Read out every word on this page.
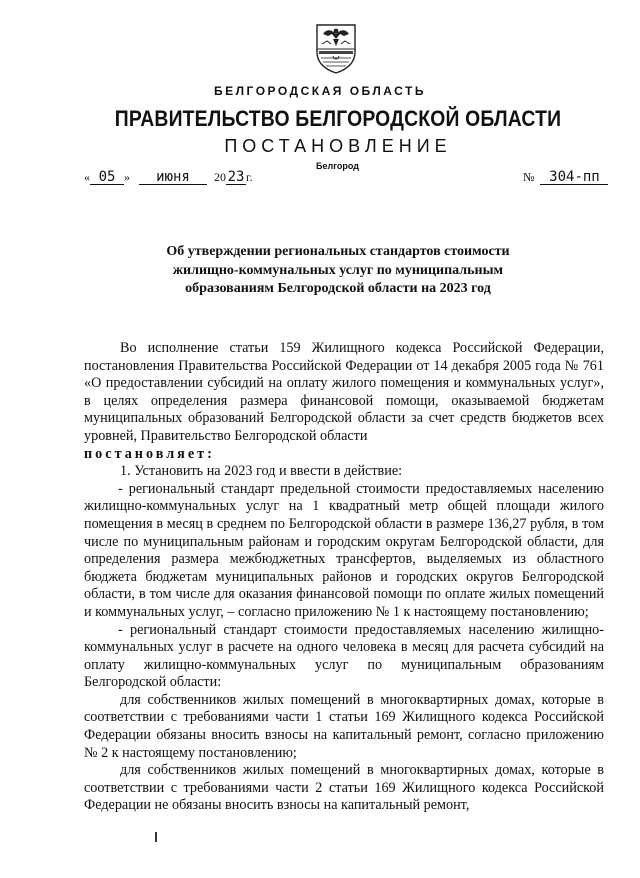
БЕЛГОРОДСКАЯ ОБЛАСТЬ
ПРАВИТЕЛЬСТВО БЕЛГОРОДСКОЙ ОБЛАСТИ
ПОСТАНОВЛЕНИЕ
Белгород
« 05 » июня 20 23 г.	№ 304-пп
Об утверждении региональных стандартов стоимости
жилищно-коммунальных услуг по муниципальным
образованиям Белгородской области на 2023 год

Во исполнение статьи 159 Жилищного кодекса Российской Федерации, постановления Правительства Российской Федерации от 14 декабря 2005 года № 761 «О предоставлении субсидий на оплату жилого помещения и коммунальных услуг», в целях определения размера финансовой помощи, оказываемой бюджетам муниципальных образований Белгородской области за счет средств бюджетов всех уровней, Правительство Белгородской области

постановляет:

1. Установить на 2023 год и ввести в действие:

- региональный стандарт предельной стоимости предоставляемых населению жилищно-коммунальных услуг на 1 квадратный метр общей площади жилого помещения в месяц в среднем по Белгородской области в размере 136,27 рубля, в том числе по муниципальным районам и городским округам Белгородской области, для определения размера межбюджетных трансфертов, выделяемых из областного бюджета бюджетам муниципальных районов и городских округов Белгородской области, в том числе для оказания финансовой помощи по оплате жилых помещений и коммунальных услуг, – согласно приложению № 1 к настоящему постановлению;

- региональный стандарт стоимости предоставляемых населению жилищно-коммунальных услуг в расчете на одного человека в месяц для расчета субсидий на оплату жилищно-коммунальных услуг по муниципальным образованиям Белгородской области:

для собственников жилых помещений в многоквартирных домах, которые в соответствии с требованиями части 1 статьи 169 Жилищного кодекса Российской Федерации обязаны вносить взносы на капитальный ремонт, согласно приложению № 2 к настоящему постановлению;

для собственников жилых помещений в многоквартирных домах, которые в соответствии с требованиями части 2 статьи 169 Жилищного кодекса Российской Федерации не обязаны вносить взносы на капитальный ремонт,
